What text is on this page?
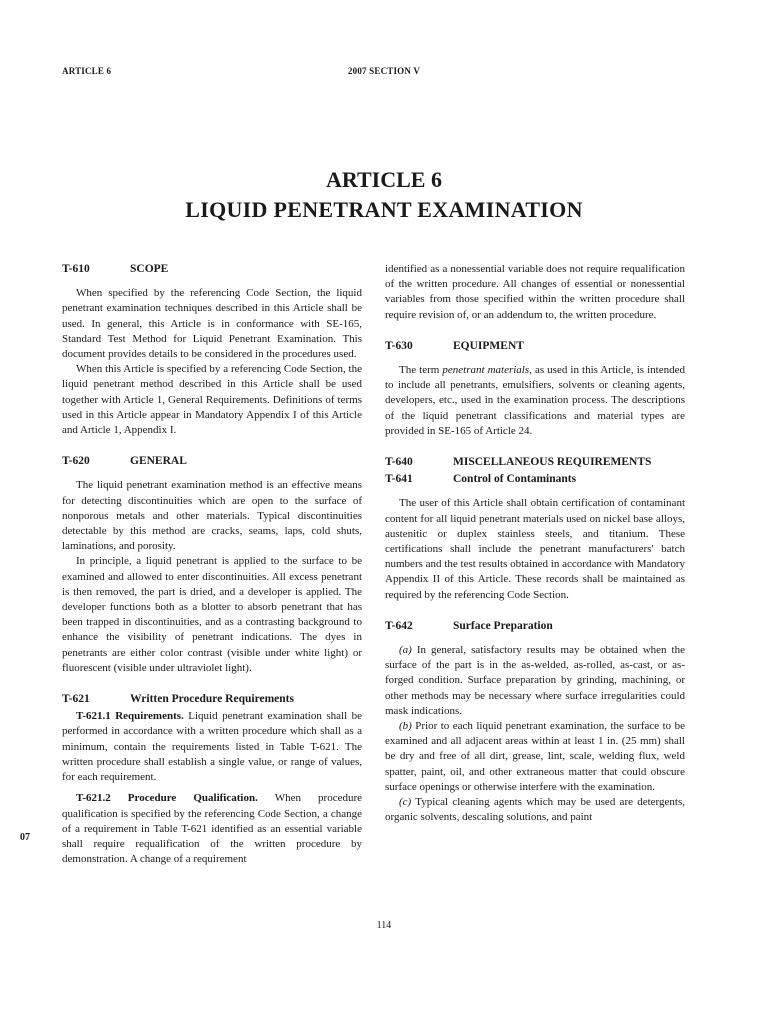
ARTICLE 6	2007 SECTION V
ARTICLE 6
LIQUID PENETRANT EXAMINATION
T-610	SCOPE

When specified by the referencing Code Section, the liquid penetrant examination techniques described in this Article shall be used. In general, this Article is in conformance with SE-165, Standard Test Method for Liquid Penetrant Examination. This document provides details to be considered in the procedures used.

When this Article is specified by a referencing Code Section, the liquid penetrant method described in this Article shall be used together with Article 1, General Requirements. Definitions of terms used in this Article appear in Mandatory Appendix I of this Article and Article 1, Appendix I.

T-620	GENERAL

The liquid penetrant examination method is an effective means for detecting discontinuities which are open to the surface of nonporous metals and other materials. Typical discontinuities detectable by this method are cracks, seams, laps, cold shuts, laminations, and porosity.

In principle, a liquid penetrant is applied to the surface to be examined and allowed to enter discontinuities. All excess penetrant is then removed, the part is dried, and a developer is applied. The developer functions both as a blotter to absorb penetrant that has been trapped in discontinuities, and as a contrasting background to enhance the visibility of penetrant indications. The dyes in penetrants are either color contrast (visible under white light) or fluorescent (visible under ultraviolet light).

T-621	Written Procedure Requirements

T-621.1 Requirements. Liquid penetrant examination shall be performed in accordance with a written procedure which shall as a minimum, contain the requirements listed in Table T-621. The written procedure shall establish a single value, or range of values, for each requirement.

T-621.2 Procedure Qualification. When procedure qualification is specified by the referencing Code Section, a change of a requirement in Table T-621 identified as an essential variable shall require requalification of the written procedure by demonstration. A change of a requirement

07

identified as a nonessential variable does not require requalification of the written procedure. All changes of essential or nonessential variables from those specified within the written procedure shall require revision of, or an addendum to, the written procedure.

T-630	EQUIPMENT

The term penetrant materials, as used in this Article, is intended to include all penetrants, emulsifiers, solvents or cleaning agents, developers, etc., used in the examination process. The descriptions of the liquid penetrant classifications and material types are provided in SE-165 of Article 24.

T-640	MISCELLANEOUS REQUIREMENTS
T-641	Control of Contaminants

The user of this Article shall obtain certification of contaminant content for all liquid penetrant materials used on nickel base alloys, austenitic or duplex stainless steels, and titanium. These certifications shall include the penetrant manufacturers' batch numbers and the test results obtained in accordance with Mandatory Appendix II of this Article. These records shall be maintained as required by the referencing Code Section.

T-642	Surface Preparation

(a) In general, satisfactory results may be obtained when the surface of the part is in the as-welded, as-rolled, as-cast, or as-forged condition. Surface preparation by grinding, machining, or other methods may be necessary where surface irregularities could mask indications.

(b) Prior to each liquid penetrant examination, the surface to be examined and all adjacent areas within at least 1 in. (25 mm) shall be dry and free of all dirt, grease, lint, scale, welding flux, weld spatter, paint, oil, and other extraneous matter that could obscure surface openings or otherwise interfere with the examination.

(c) Typical cleaning agents which may be used are detergents, organic solvents, descaling solutions, and paint

114
